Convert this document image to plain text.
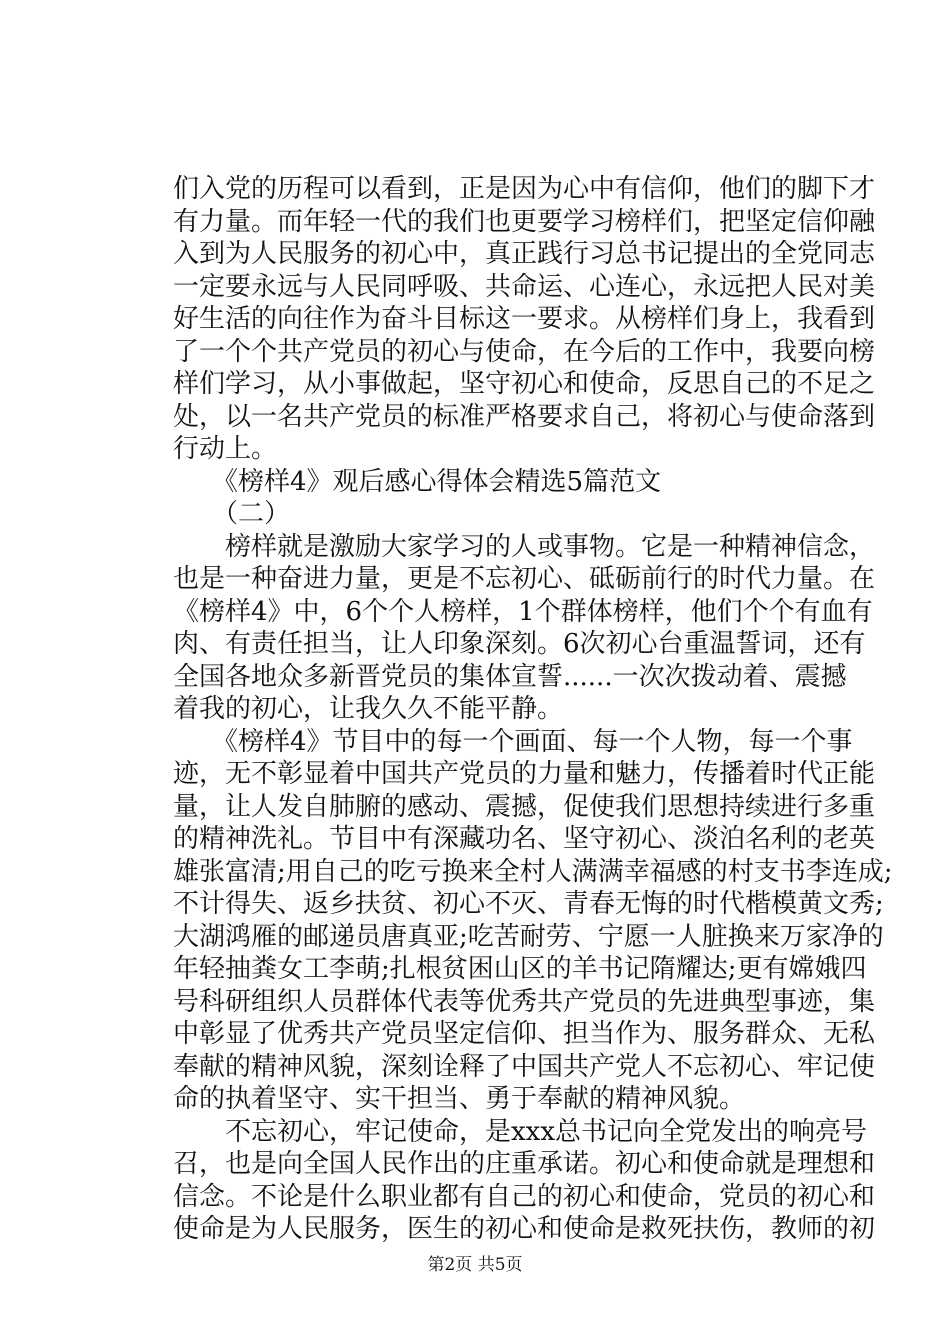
们入党的历程可以看到，正是因为心中有信仰，他们的脚下才
有力量。而年轻一代的我们也更要学习榜样们，把坚定信仰融
入到为人民服务的初心中，真正践行习总书记提出的全党同志
一定要永远与人民同呼吸、共命运、心连心，永远把人民对美
好生活的向往作为奋斗目标这一要求。从榜样们身上，我看到
了一个个共产党员的初心与使命，在今后的工作中，我要向榜
样们学习，从小事做起，坚守初心和使命，反思自己的不足之
处，以一名共产党员的标准严格要求自己，将初心与使命落到
行动上。
　　《榜样4》观后感心得体会精选5篇范文
　　（二）
　　榜样就是激励大家学习的人或事物。它是一种精神信念，
也是一种奋进力量，更是不忘初心、砥砺前行的时代力量。在
《榜样4》中，6个个人榜样，1个群体榜样，他们个个有血有
肉、有责任担当，让人印象深刻。6次初心台重温誓词，还有
全国各地众多新晋党员的集体宣誓......一次次拨动着、震撼
着我的初心，让我久久不能平静。
　　《榜样4》节目中的每一个画面、每一个人物，每一个事
迹，无不彰显着中国共产党员的力量和魅力，传播着时代正能
量，让人发自肺腑的感动、震撼，促使我们思想持续进行多重
的精神洗礼。节目中有深藏功名、坚守初心、淡泊名利的老英
雄张富清;用自己的吃亏换来全村人满满幸福感的村支书李连成;
不计得失、返乡扶贫、初心不灭、青春无悔的时代楷模黄文秀;
大湖鸿雁的邮递员唐真亚;吃苦耐劳、宁愿一人脏换来万家净的
年轻抽粪女工李萌;扎根贫困山区的羊书记隋耀达;更有嫦娥四
号科研组织人员群体代表等优秀共产党员的先进典型事迹，集
中彰显了优秀共产党员坚定信仰、担当作为、服务群众、无私
奉献的精神风貌，深刻诠释了中国共产党人不忘初心、牢记使
命的执着坚守、实干担当、勇于奉献的精神风貌。
　　不忘初心，牢记使命，是xxx总书记向全党发出的响亮号
召，也是向全国人民作出的庄重承诺。初心和使命就是理想和
信念。不论是什么职业都有自己的初心和使命，党员的初心和
使命是为人民服务，医生的初心和使命是救死扶伤，教师的初
第2页 共5页
